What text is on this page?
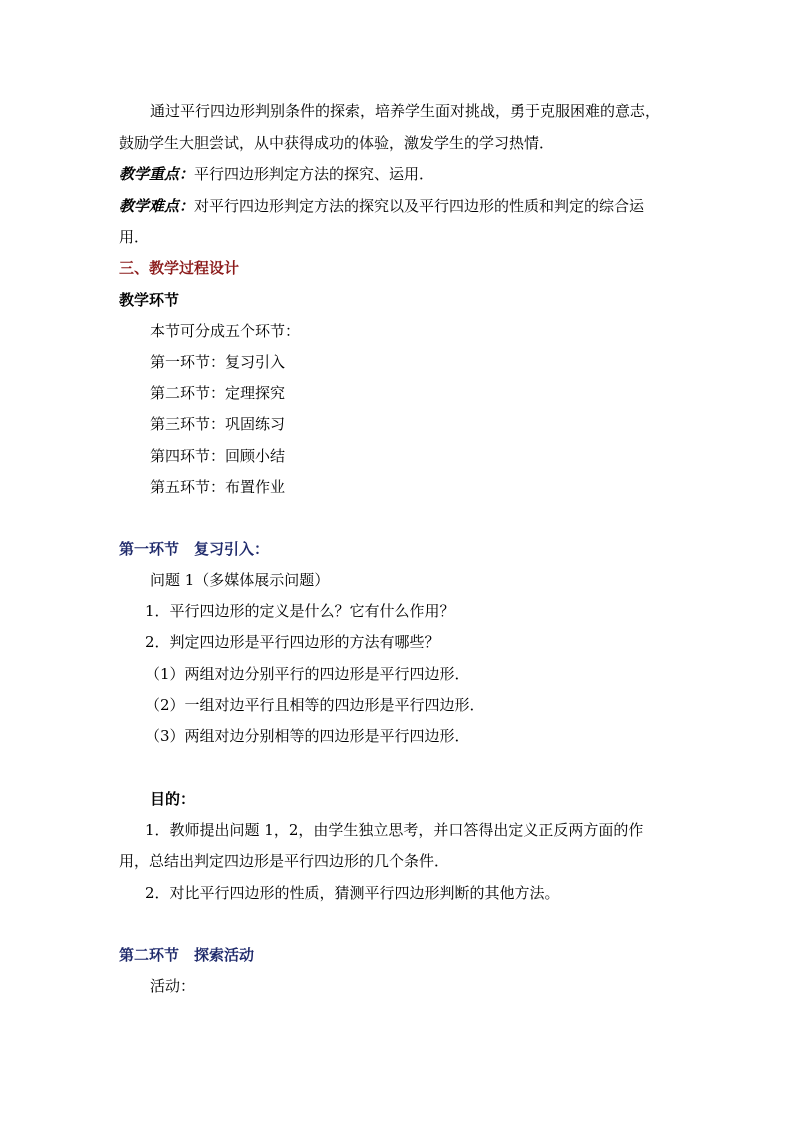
通过平行四边形判别条件的探索，培养学生面对挑战，勇于克服困难的意志，
鼓励学生大胆尝试，从中获得成功的体验，激发学生的学习热情．
教学重点：平行四边形判定方法的探究、运用．
教学难点：对平行四边形判定方法的探究以及平行四边形的性质和判定的综合运
用．
三、教学过程设计
教学环节
本节可分成五个环节：
第一环节：复习引入
第二环节：定理探究
第三环节：巩固练习
第四环节：回顾小结
第五环节：布置作业
第一环节　复习引入：
问题 1（多媒体展示问题）
1．平行四边形的定义是什么？它有什么作用？
2．判定四边形是平行四边形的方法有哪些？
（1）两组对边分别平行的四边形是平行四边形．
（2）一组对边平行且相等的四边形是平行四边形．
（3）两组对边分别相等的四边形是平行四边形．
目的：
1．教师提出问题 1，2，由学生独立思考，并口答得出定义正反两方面的作
用，总结出判定四边形是平行四边形的几个条件．
2．对比平行四边形的性质，猜测平行四边形判断的其他方法。
第二环节　探索活动
活动：
